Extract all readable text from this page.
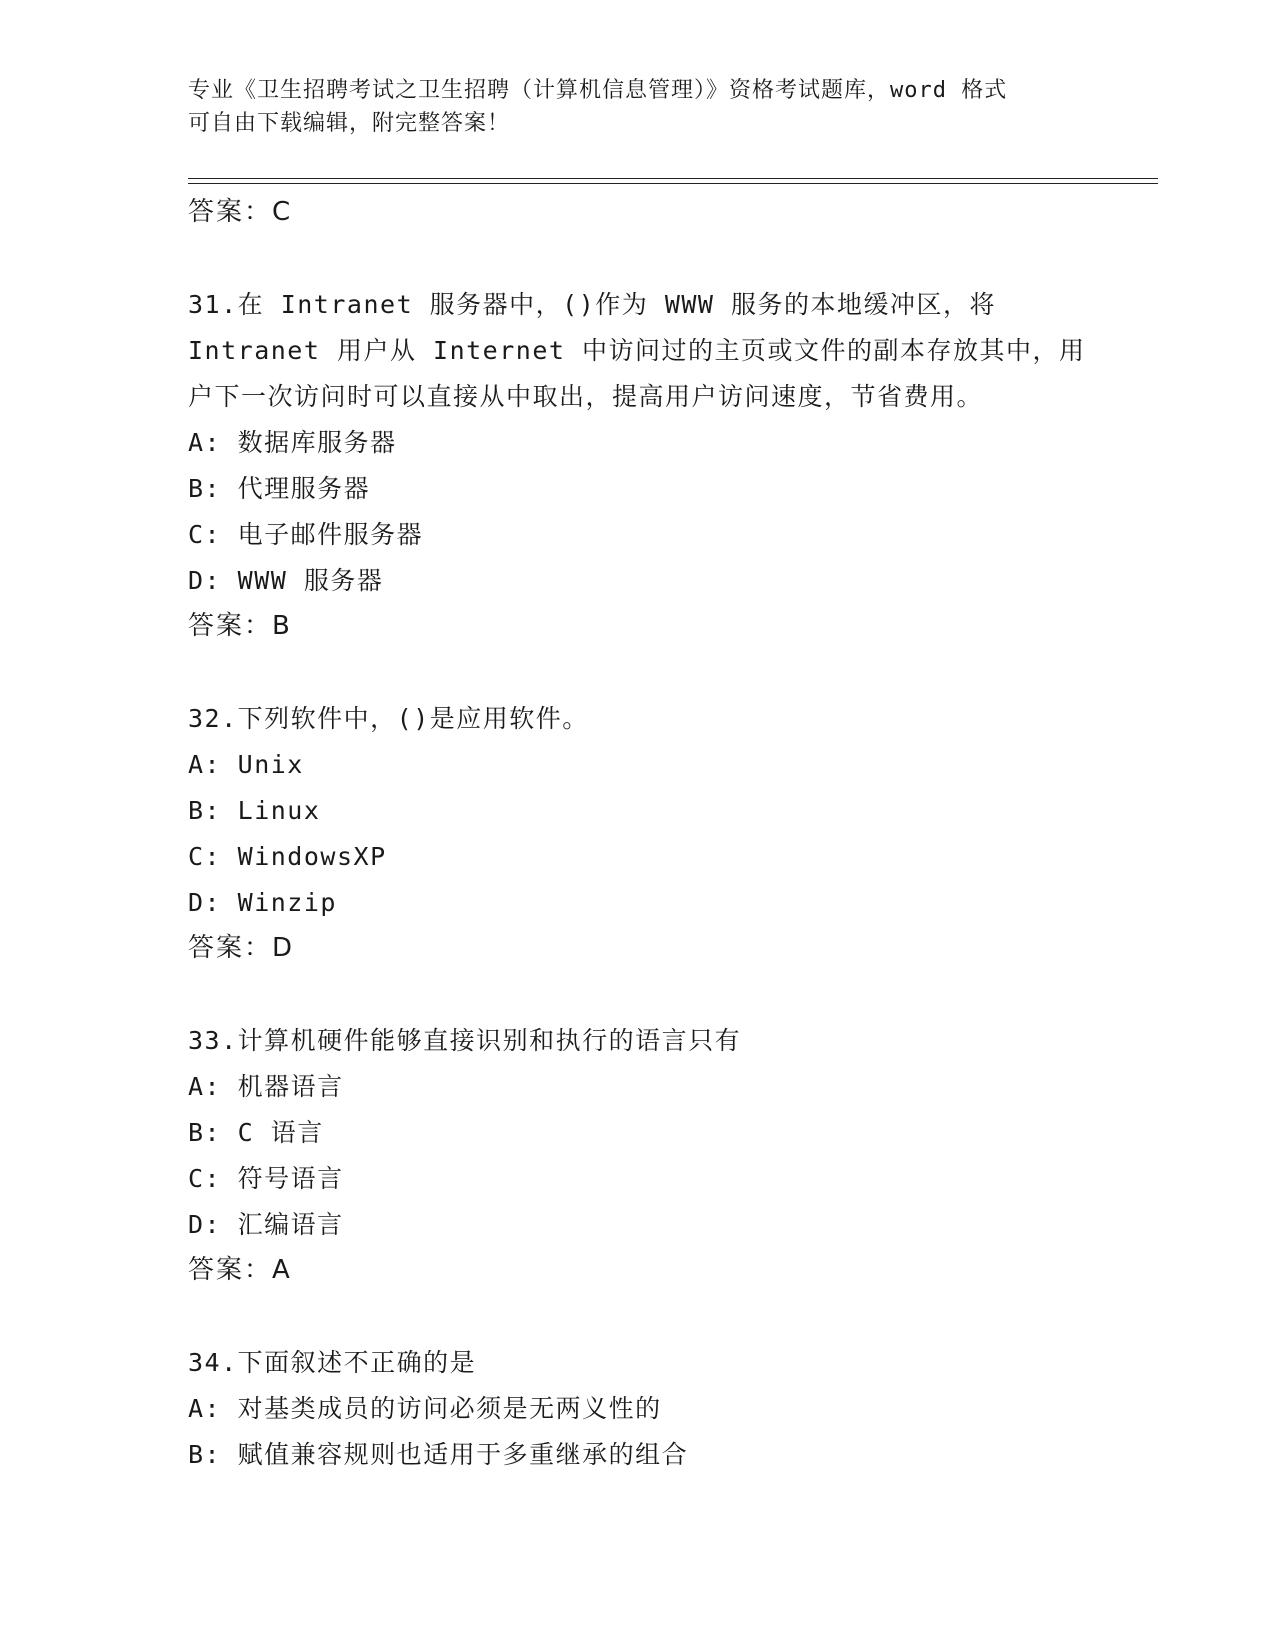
专业《卫生招聘考试之卫生招聘（计算机信息管理）》资格考试题库，word 格式
可自由下载编辑，附完整答案！
答案：C
31.在 Intranet 服务器中，()作为 WWW 服务的本地缓冲区，将
Intranet 用户从 Internet 中访问过的主页或文件的副本存放其中，用
户下一次访问时可以直接从中取出，提高用户访问速度，节省费用。
A: 数据库服务器
B: 代理服务器
C: 电子邮件服务器
D: WWW 服务器
答案：B
32.下列软件中，()是应用软件。
A: Unix
B: Linux
C: WindowsXP
D: Winzip
答案：D
33.计算机硬件能够直接识别和执行的语言只有
A: 机器语言
B: C 语言
C: 符号语言
D: 汇编语言
答案：A
34.下面叙述不正确的是
A: 对基类成员的访问必须是无两义性的
B: 赋值兼容规则也适用于多重继承的组合
